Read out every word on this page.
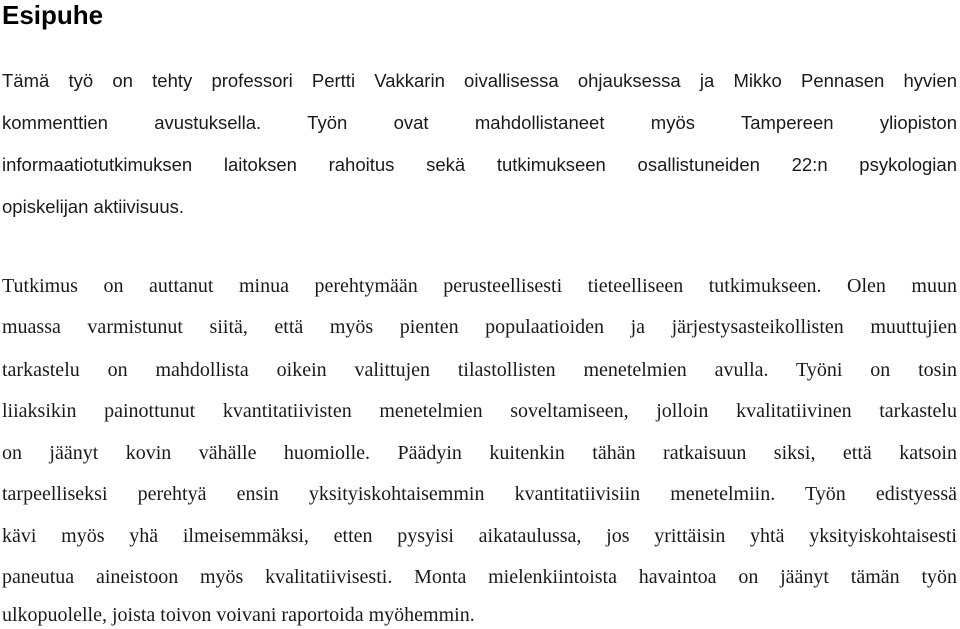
Esipuhe
Tämä työ on tehty professori Pertti Vakkarin oivallisessa ohjauksessa ja Mikko Pennasen hyvien
kommenttien avustuksella. Työn ovat mahdollistaneet myös Tampereen yliopiston
informaatiotutkimuksen laitoksen rahoitus sekä tutkimukseen osallistuneiden 22:n psykologian
opiskelijan aktiivisuus.
Tutkimus on auttanut minua perehtymään perusteellisesti tieteelliseen tutkimukseen. Olen muun
muassa varmistunut siitä, että myös pienten populaatioiden ja järjestysasteikollisten muuttujien
tarkastelu on mahdollista oikein valittujen tilastollisten menetelmien avulla. Työni on tosin
liiaksikin painottunut kvantitatiivisten menetelmien soveltamiseen, jolloin kvalitatiivinen tarkastelu
on jäänyt kovin vähälle huomiolle. Päädyin kuitenkin tähän ratkaisuun siksi, että katsoin
tarpeelliseksi perehtyä ensin yksityiskohtaisemmin kvantitatiivisiin menetelmiin. Työn edistyessä
kävi myös yhä ilmeisemmäksi, etten pysyisi aikataulussa, jos yrittäisin yhtä yksityiskohtaisesti
paneutua aineistoon myös kvalitatiivisesti. Monta mielenkiintoista havaintoa on jäänyt tämän työn
ulkopuolelle, joista toivon voivani raportoida myöhemmin.
